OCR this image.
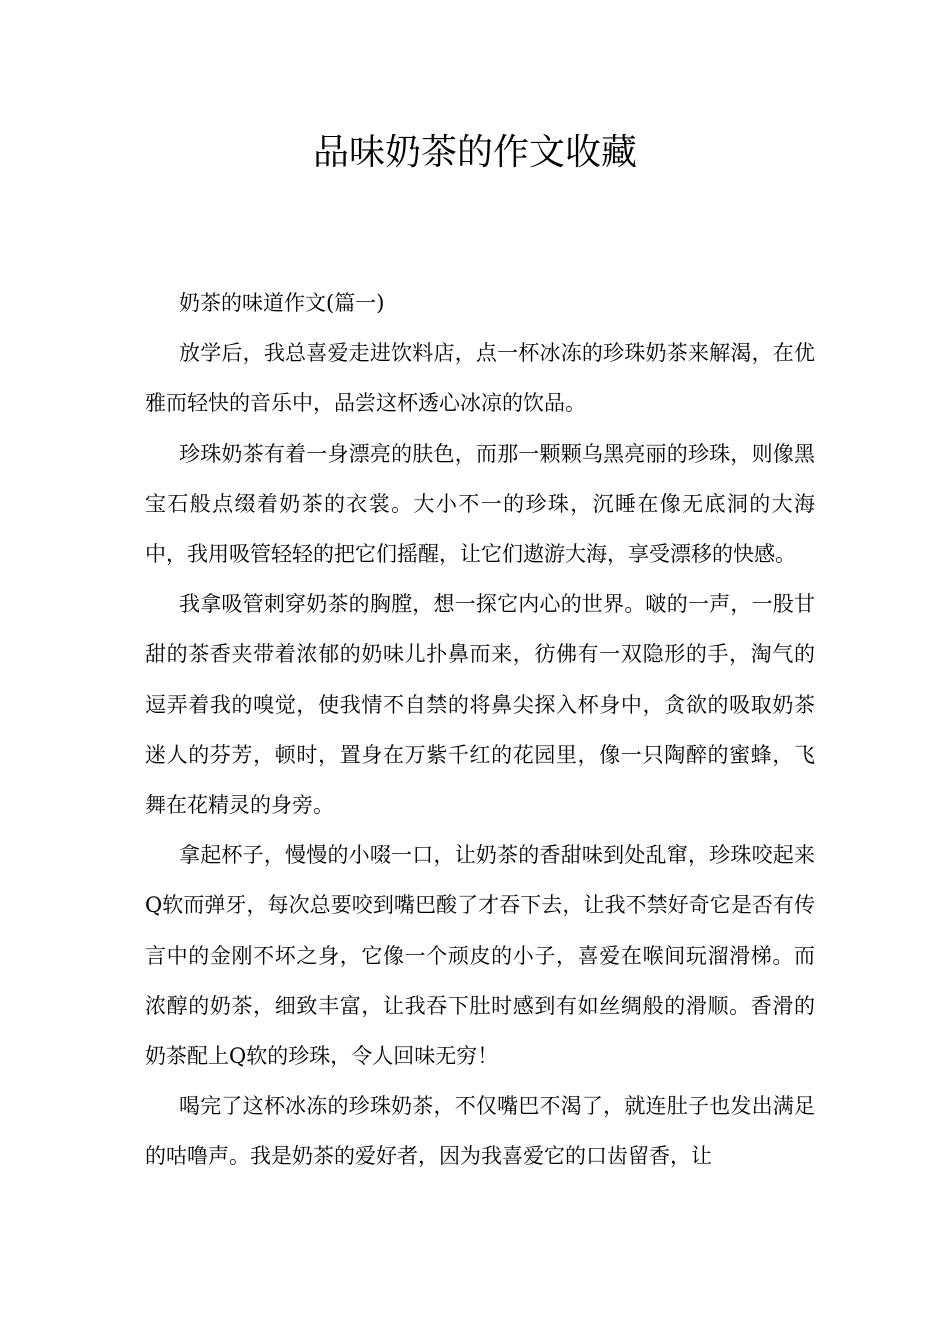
品味奶茶的作文收藏

奶茶的味道作文(篇一)

放学后，我总喜爱走进饮料店，点一杯冰冻的珍珠奶茶来解渴，在优雅而轻快的音乐中，品尝这杯透心冰凉的饮品。

珍珠奶茶有着一身漂亮的肤色，而那一颗颗乌黑亮丽的珍珠，则像黑宝石般点缀着奶茶的衣裳。大小不一的珍珠，沉睡在像无底洞的大海中，我用吸管轻轻的把它们摇醒，让它们遨游大海，享受漂移的快感。

我拿吸管刺穿奶茶的胸膛，想一探它内心的世界。啵的一声，一股甘甜的茶香夹带着浓郁的奶味儿扑鼻而来，彷佛有一双隐形的手，淘气的逗弄着我的嗅觉，使我情不自禁的将鼻尖探入杯身中，贪欲的吸取奶茶迷人的芬芳，顿时，置身在万紫千红的花园里，像一只陶醉的蜜蜂，飞舞在花精灵的身旁。

拿起杯子，慢慢的小啜一口，让奶茶的香甜味到处乱窜，珍珠咬起来Q软而弹牙，每次总要咬到嘴巴酸了才吞下去，让我不禁好奇它是否有传言中的金刚不坏之身，它像一个顽皮的小子，喜爱在喉间玩溜滑梯。而浓醇的奶茶，细致丰富，让我吞下肚时感到有如丝绸般的滑顺。香滑的奶茶配上Q软的珍珠，令人回味无穷！

喝完了这杯冰冻的珍珠奶茶，不仅嘴巴不渴了，就连肚子也发出满足的咕噜声。我是奶茶的爱好者，因为我喜爱它的口齿留香，让
